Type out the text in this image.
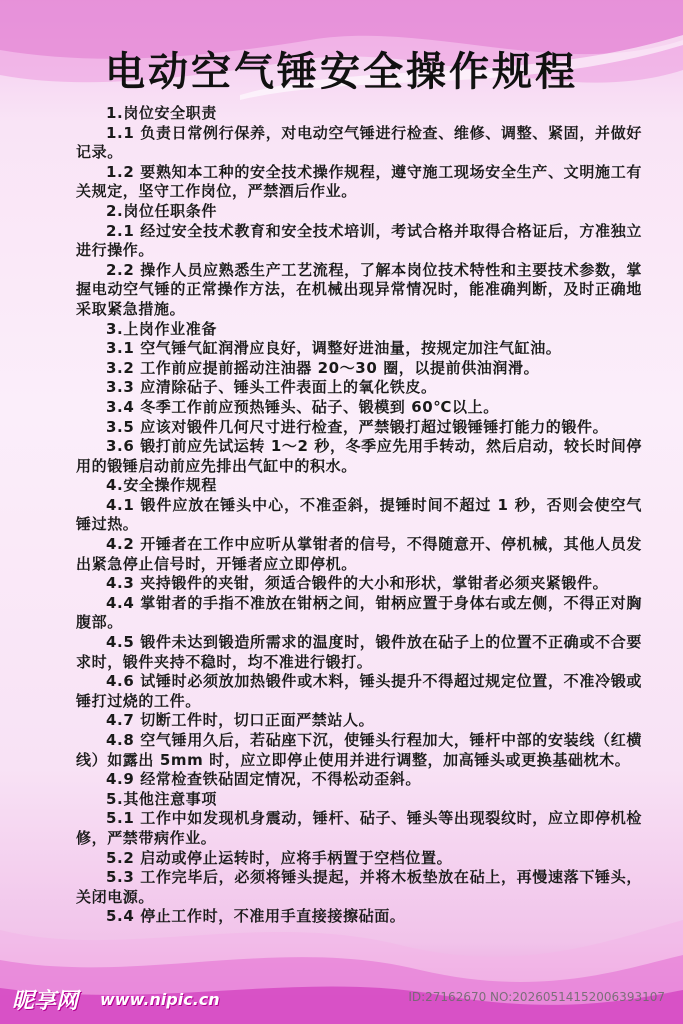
电动空气锤安全操作规程

1.岗位安全职责

1.1 负责日常例行保养，对电动空气锤进行检查、维修、调整、紧固，并做好记录。

1.2 要熟知本工种的安全技术操作规程，遵守施工现场安全生产、文明施工有关规定，坚守工作岗位，严禁酒后作业。

2.岗位任职条件

2.1 经过安全技术教育和安全技术培训，考试合格并取得合格证后，方准独立进行操作。

2.2 操作人员应熟悉生产工艺流程，了解本岗位技术特性和主要技术参数，掌握电动空气锤的正常操作方法，在机械出现异常情况时，能准确判断，及时正确地采取紧急措施。

3.上岗作业准备

3.1 空气锤气缸润滑应良好，调整好进油量，按规定加注气缸油。

3.2 工作前应提前摇动注油器 20～30 圈，以提前供油润滑。

3.3 应清除砧子、锤头工件表面上的氧化铁皮。

3.4 冬季工作前应预热锤头、砧子、锻模到 60℃以上。

3.5 应该对锻件几何尺寸进行检查，严禁锻打超过锻锤锤打能力的锻件。

3.6 锻打前应先试运转 1～2 秒，冬季应先用手转动，然后启动，较长时间停用的锻锤启动前应先排出气缸中的积水。

4.安全操作规程

4.1 锻件应放在锤头中心，不准歪斜，提锤时间不超过 1 秒，否则会使空气锤过热。

4.2 开锤者在工作中应听从掌钳者的信号，不得随意开、停机械，其他人员发出紧急停止信号时，开锤者应立即停机。

4.3 夹持锻件的夹钳，须适合锻件的大小和形状，掌钳者必须夹紧锻件。

4.4 掌钳者的手指不准放在钳柄之间，钳柄应置于身体右或左侧，不得正对胸腹部。

4.5 锻件未达到锻造所需求的温度时，锻件放在砧子上的位置不正确或不合要求时，锻件夹持不稳时，均不准进行锻打。

4.6 试锤时必须放加热锻件或木料，锤头提升不得超过规定位置，不准冷锻或锤打过烧的工件。

4.7 切断工件时，切口正面严禁站人。

4.8 空气锤用久后，若砧座下沉，使锤头行程加大，锤杆中部的安装线（红横线）如露出 5mm 时，应立即停止使用并进行调整，加高锤头或更换基础枕木。

4.9 经常检查铁砧固定情况，不得松动歪斜。

5.其他注意事项

5.1 工作中如发现机身震动，锤杆、砧子、锤头等出现裂纹时，应立即停机检修，严禁带病作业。

5.2 启动或停止运转时，应将手柄置于空档位置。

5.3 工作完毕后，必须将锤头提起，并将木板垫放在砧上，再慢速落下锤头，关闭电源。

5.4 停止工作时，不准用手直接接擦砧面。

昵享网 www.nipic.cn	ID:27162670 NO:20260514152006393107
